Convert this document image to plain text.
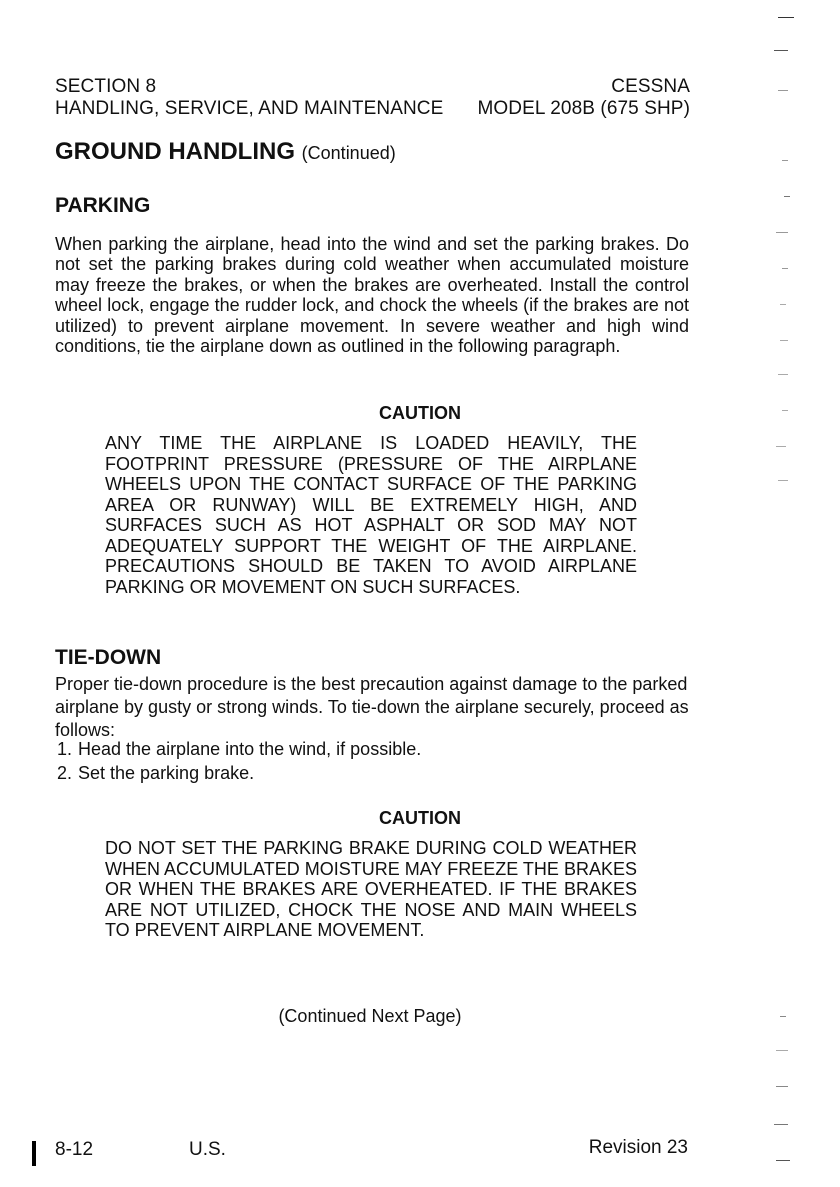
SECTION 8
HANDLING, SERVICE, AND MAINTENANCE
CESSNA
MODEL 208B (675 SHP)
GROUND HANDLING (Continued)
PARKING
When parking the airplane, head into the wind and set the parking brakes. Do not set the parking brakes during cold weather when accumulated moisture may freeze the brakes, or when the brakes are overheated. Install the control wheel lock, engage the rudder lock, and chock the wheels (if the brakes are not utilized) to prevent airplane movement. In severe weather and high wind conditions, tie the airplane down as outlined in the following paragraph.
CAUTION
ANY TIME THE AIRPLANE IS LOADED HEAVILY, THE FOOTPRINT PRESSURE (PRESSURE OF THE AIRPLANE WHEELS UPON THE CONTACT SURFACE OF THE PARKING AREA OR RUNWAY) WILL BE EXTREMELY HIGH, AND SURFACES SUCH AS HOT ASPHALT OR SOD MAY NOT ADEQUATELY SUPPORT THE WEIGHT OF THE AIRPLANE. PRECAUTIONS SHOULD BE TAKEN TO AVOID AIRPLANE PARKING OR MOVEMENT ON SUCH SURFACES.
TIE-DOWN
Proper tie-down procedure is the best precaution against damage to the parked airplane by gusty or strong winds. To tie-down the airplane securely, proceed as follows:
1. Head the airplane into the wind, if possible.
2. Set the parking brake.
CAUTION
DO NOT SET THE PARKING BRAKE DURING COLD WEATHER WHEN ACCUMULATED MOISTURE MAY FREEZE THE BRAKES OR WHEN THE BRAKES ARE OVERHEATED. IF THE BRAKES ARE NOT UTILIZED, CHOCK THE NOSE AND MAIN WHEELS TO PREVENT AIRPLANE MOVEMENT.
(Continued Next Page)
8-12	U.S.	Revision 23
